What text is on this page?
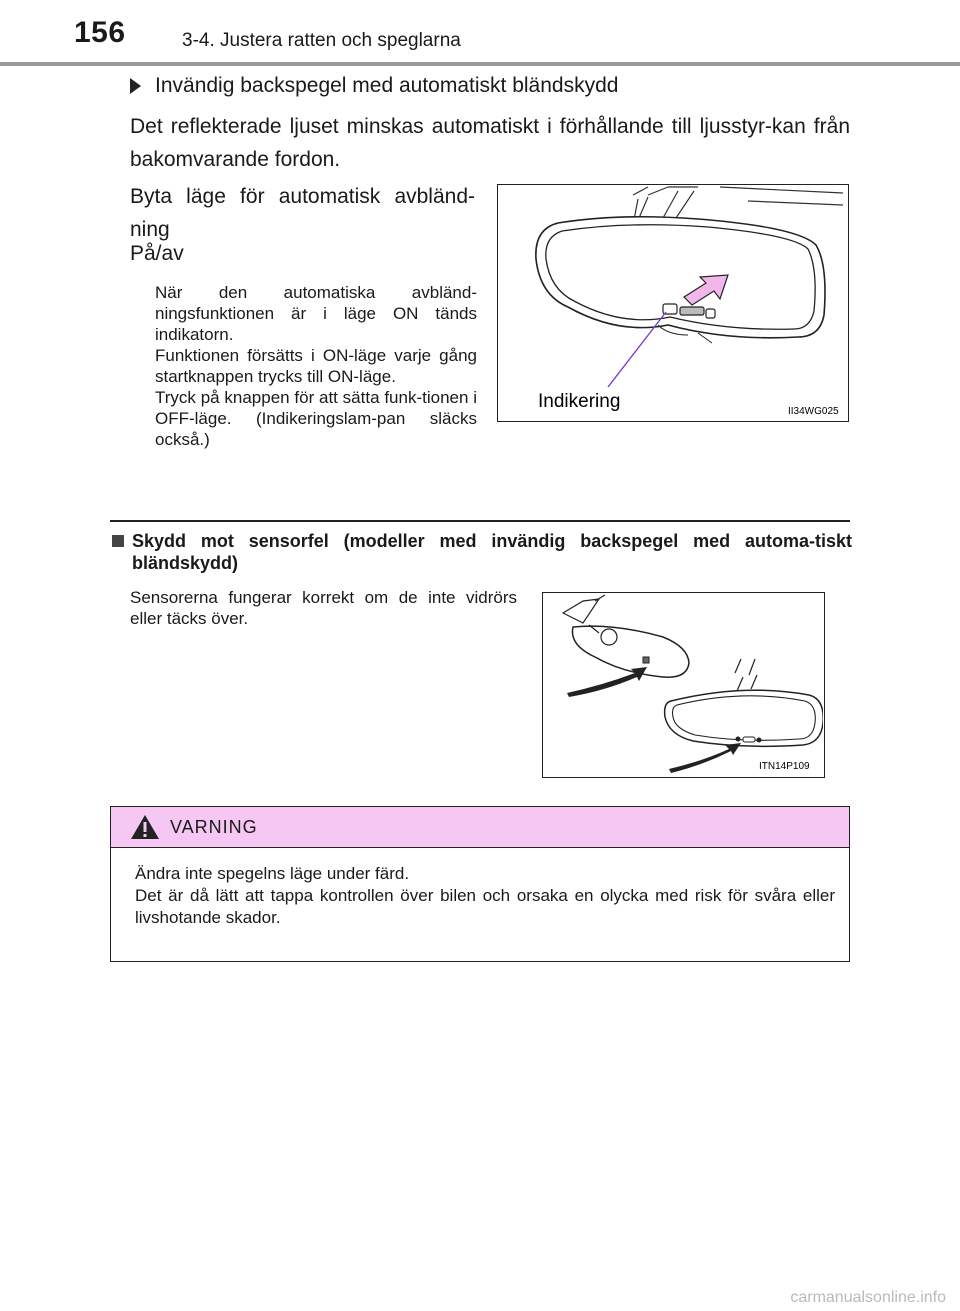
156	3-4. Justera ratten och speglarna
Invändig backspegel med automatiskt bländskydd
Det reflekterade ljuset minskas automatiskt i förhållande till ljusstyr-kan från bakomvarande fordon.
Byta läge för automatisk avbländ-ning
På/av

När den automatiska avbländ-ningsfunktionen är i läge ON tänds indikatorn.

Funktionen försätts i ON-läge varje gång startknappen trycks till ON-läge.

Tryck på knappen för att sätta funk-tionen i OFF-läge. (Indikeringslam-pan släcks också.)

Indikering	II34WG025
Skydd mot sensorfel (modeller med invändig backspegel med automa-tiskt bländskydd)
Sensorerna fungerar korrekt om de inte vidrörs eller täcks över.
ITN14P109
VARNING

Ändra inte spegelns läge under färd.

Det är då lätt att tappa kontrollen över bilen och orsaka en olycka med risk för svåra eller livshotande skador.

carmanualsonline.info
